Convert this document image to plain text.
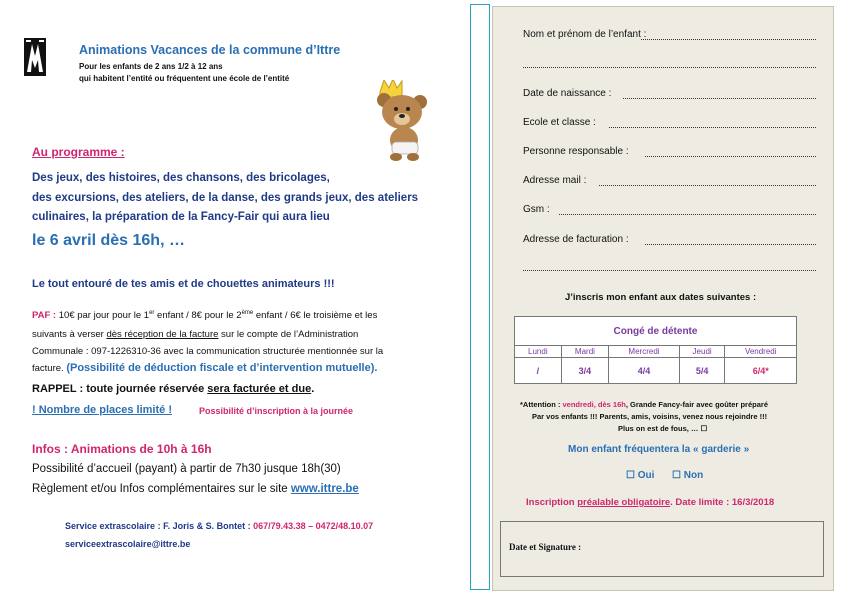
Animations Vacances de la commune d’Ittre
Pour les enfants de 2 ans 1/2 à 12 ans
qui habitent l’entité ou fréquentent une école de l’entité
Au programme :
Des jeux, des histoires, des chansons, des bricolages,
des excursions, des ateliers, de la danse, des grands jeux, des ateliers
culinaires, la préparation de la Fancy-Fair qui aura lieu
le 6 avril dès 16h, …
Le tout entouré de tes amis et de chouettes animateurs !!!
PAF : 10€ par jour pour le 1er enfant / 8€ pour le 2ème enfant / 6€ le troisième et les
suivants à verser dès réception de la facture sur le compte de l’Administration
Communale : 097-1226310-36 avec la communication structurée mentionnée sur la
facture. (Possibilité de déduction fiscale et d’intervention mutuelle).
RAPPEL : toute journée réservée sera facturée et due.
! Nombre de places limité !	Possibilité d’inscription à la journée
Infos : Animations de 10h à 16h
Possibilité d’accueil (payant) à partir de 7h30 jusque 18h(30)
Règlement et/ou Infos complémentaires sur le site www.ittre.be
Service extrascolaire : F. Joris & S. Bontet : 067/79.43.38 – 0472/48.10.07
serviceextrascolaire@ittre.be
Nom et prénom de l’enfant :
Date de naissance :
Ecole et classe :
Personne responsable :
Adresse mail :
Gsm :
Adresse de facturation :
J’inscris mon enfant aux dates suivantes :
Congé de détente				
Lundi	Mardi	Mercredi	Jeudi	Vendredi
/	3/4	4/4	5/4	6/4*
*Attention : vendredi, dès 16h, Grande Fancy-fair avec goûter préparé
Par vos enfants !!! Parents, amis, voisins, venez nous rejoindre !!!
Plus on est de fous, … ☐
Mon enfant fréquentera la « garderie »
☐ Oui ☐ Non
Inscription préalable obligatoire. Date limite : 16/3/2018
Date et Signature :
